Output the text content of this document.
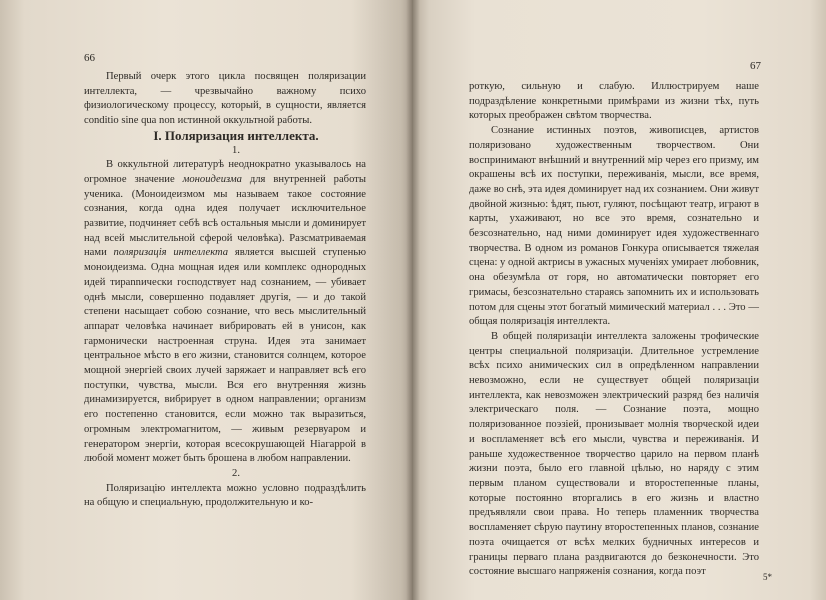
66

Первый очерк этого цикла посвящен поляризации интеллекта, — чрезвычайно важному психо физиологическому процессу, который, в сущности, является conditio sine qua non истинной оккультной работы.

I. Поляризация интеллекта.

1.

В оккультной литературѣ неоднократно указывалось на огромное значение моноидеизма для внутренней работы ученика. (Моноидеизмом мы называем такое состояние сознания, когда одна идея получает исключительное развитие, подчиняет себѣ всѣ остальныя мысли и доминирует над всей мыслительной сферой человѣка). Разсматриваемая нами поляризація интеллекта является высшей ступенью моноидеизма. Одна мощная идея или комплекс однородных идей тирannически господствует над сознанием, — убивает однѣ мысли, совершенно подавляет другія, — и до такой степени насыщает собою сознание, что весь мыслительный аппарат человѣка начинает вибрировать ей в унисон, как гармонически настроенная струна. Идея эта занимает центральное мѣсто в его жизни, становится солнцем, которое мощной энергіей своих лучей заряжает и направляет всѣ его поступки, чувства, мысли. Вся его внутренняя жизнь динамизируется, вибрирует в одном направлении; организм его постепенно становится, если можно так выразиться, огромным электромагнитом, — живым резервуаром и генератором энергіи, которая всесокрушающей Ніагаррой в любой момент может быть брошена в любом направлении.

2.

Поляризацію интеллекта можно условно подраздѣлить на общую и специальную, продолжительную и ко-

67

роткую, сильную и слабую. Иллюстрируем наше подраздѣление конкретными примѣрами из жизни тѣх, путь которых преображен свѣтом творчества.

Сознание истинных поэтов, живописцев, артистов поляризовано художественным творчеством. Они воспринимают внѣшний и внутренний мір через его призму, им окрашены всѣ их поступки, переживанія, мысли, все время, даже во снѣ, эта идея доминирует над их сознанием. Они живут двойной жизнью: ѣдят, пьют, гуляют, посѣщают театр, играют в карты, ухаживают, но все это время, сознательно и безсознательно, над ними доминирует идея художественнаго творчества. В одном из романов Гонкура описывается тяжелая сцена: у одной актрисы в ужасных мученіях умирает любовник, она обезумѣла от горя, но автоматически повторяет его гримасы, безсознательно стараясь запомнить их и использовать потом для сцены этот богатый мимический материал . . . Это — общая поляризація интеллекта.

В общей поляризаціи интеллекта заложены трофические центры специальной поляризаціи. Длительное устремление всѣх психо анимических сил в опредѣленном направлении невозможно, если не существует общей поляризаціи интеллекта, как невозможен электрический разряд без наличія электрическаго поля. — Сознание поэта, мощно поляризованное поэзіей, пронизывает молнія творческой идеи и воспламеняет всѣ его мысли, чувства и переживанія. И раньше художественное творчество царило на первом планѣ жизни поэта, было его главной цѣлью, но наряду с этим первым планом существовали и второстепенные планы, которые постоянно вторгались в его жизнь и властно предъявляли свои права. Но теперь пламенник творчества воспламеняет сѣрую паутину второстепенных планов, сознание поэта очищается от всѣх мелких будничных интересов и границы перваго плана раздвигаются до безконечности. Это состояние высшаго напряженія сознания, когда поэт	5*
